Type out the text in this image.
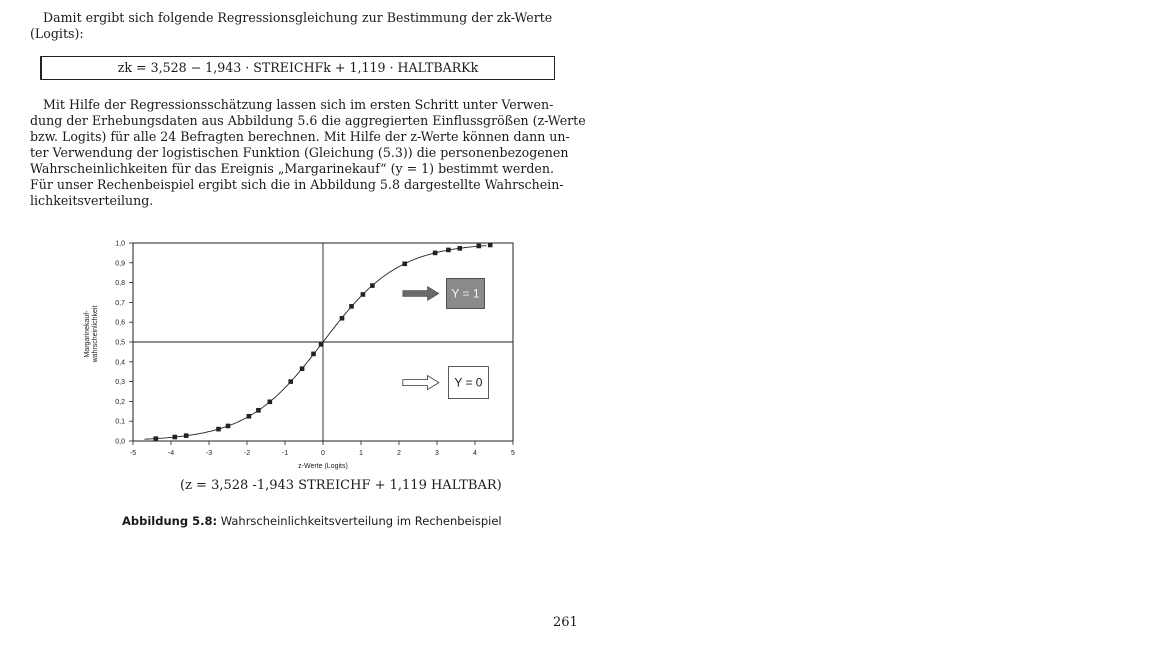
Damit ergibt sich folgende Regressionsgleichung zur Bestimmung der zk-Werte
(Logits):
zk = 3,528 − 1,943 · STREICHFk + 1,119 · HALTBARKk
Mit Hilfe der Regressionsschätzung lassen sich im ersten Schritt unter Verwen-
dung der Erhebungsdaten aus Abbildung 5.6 die aggregierten Einflussgrößen (z-Werte
bzw. Logits) für alle 24 Befragten berechnen. Mit Hilfe der z-Werte können dann un-
ter Verwendung der logistischen Funktion (Gleichung (5.3)) die personenbezogenen
Wahrscheinlichkeiten für das Ereignis „Margarinekauf“ (y = 1) bestimmt werden.
Für unser Rechenbeispiel ergibt sich die in Abbildung 5.8 dargestellte Wahrschein-
lichkeitsverteilung.
0,0
0,1
0,2
0,3
0,4
0,5
0,6
0,7
0,8
0,9
1,0
-5	-4	-3	-2	-1	0	1	2	3	4	5
z-Werte (Logits)
Margarinekauf- wahrscheinlichkeit
Y = 1
Y = 0
(z = 3,528 -1,943 STREICHF + 1,119 HALTBAR)
Abbildung 5.8: Wahrscheinlichkeitsverteilung im Rechenbeispiel
261
